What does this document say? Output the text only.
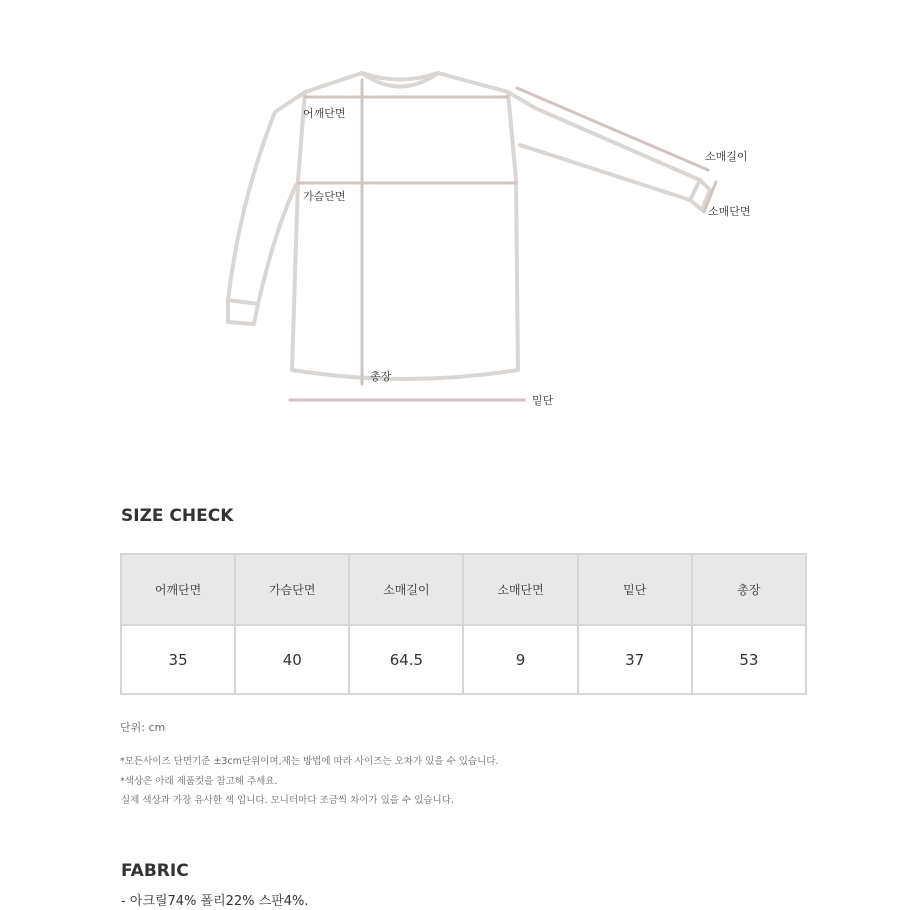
어깨단면
가슴단면
소매길이
소매단면
총장
밑단
SIZE CHECK
어깨단면	가슴단면	소매길이	소매단면	밑단	총장
35	40	64.5	9	37	53
단위: cm
*모든사이즈 단면기준 ±3cm단위이며,재는 방법에 따라 사이즈는 오차가 있을 수 있습니다.
*색상은 아래 제품컷을 참고해 주세요.
실제 색상과 가장 유사한 색 입니다. 모니터마다 조금씩 차이가 있을 수 있습니다.
FABRIC
- 아크릴74% 폴리22% 스판4%.
